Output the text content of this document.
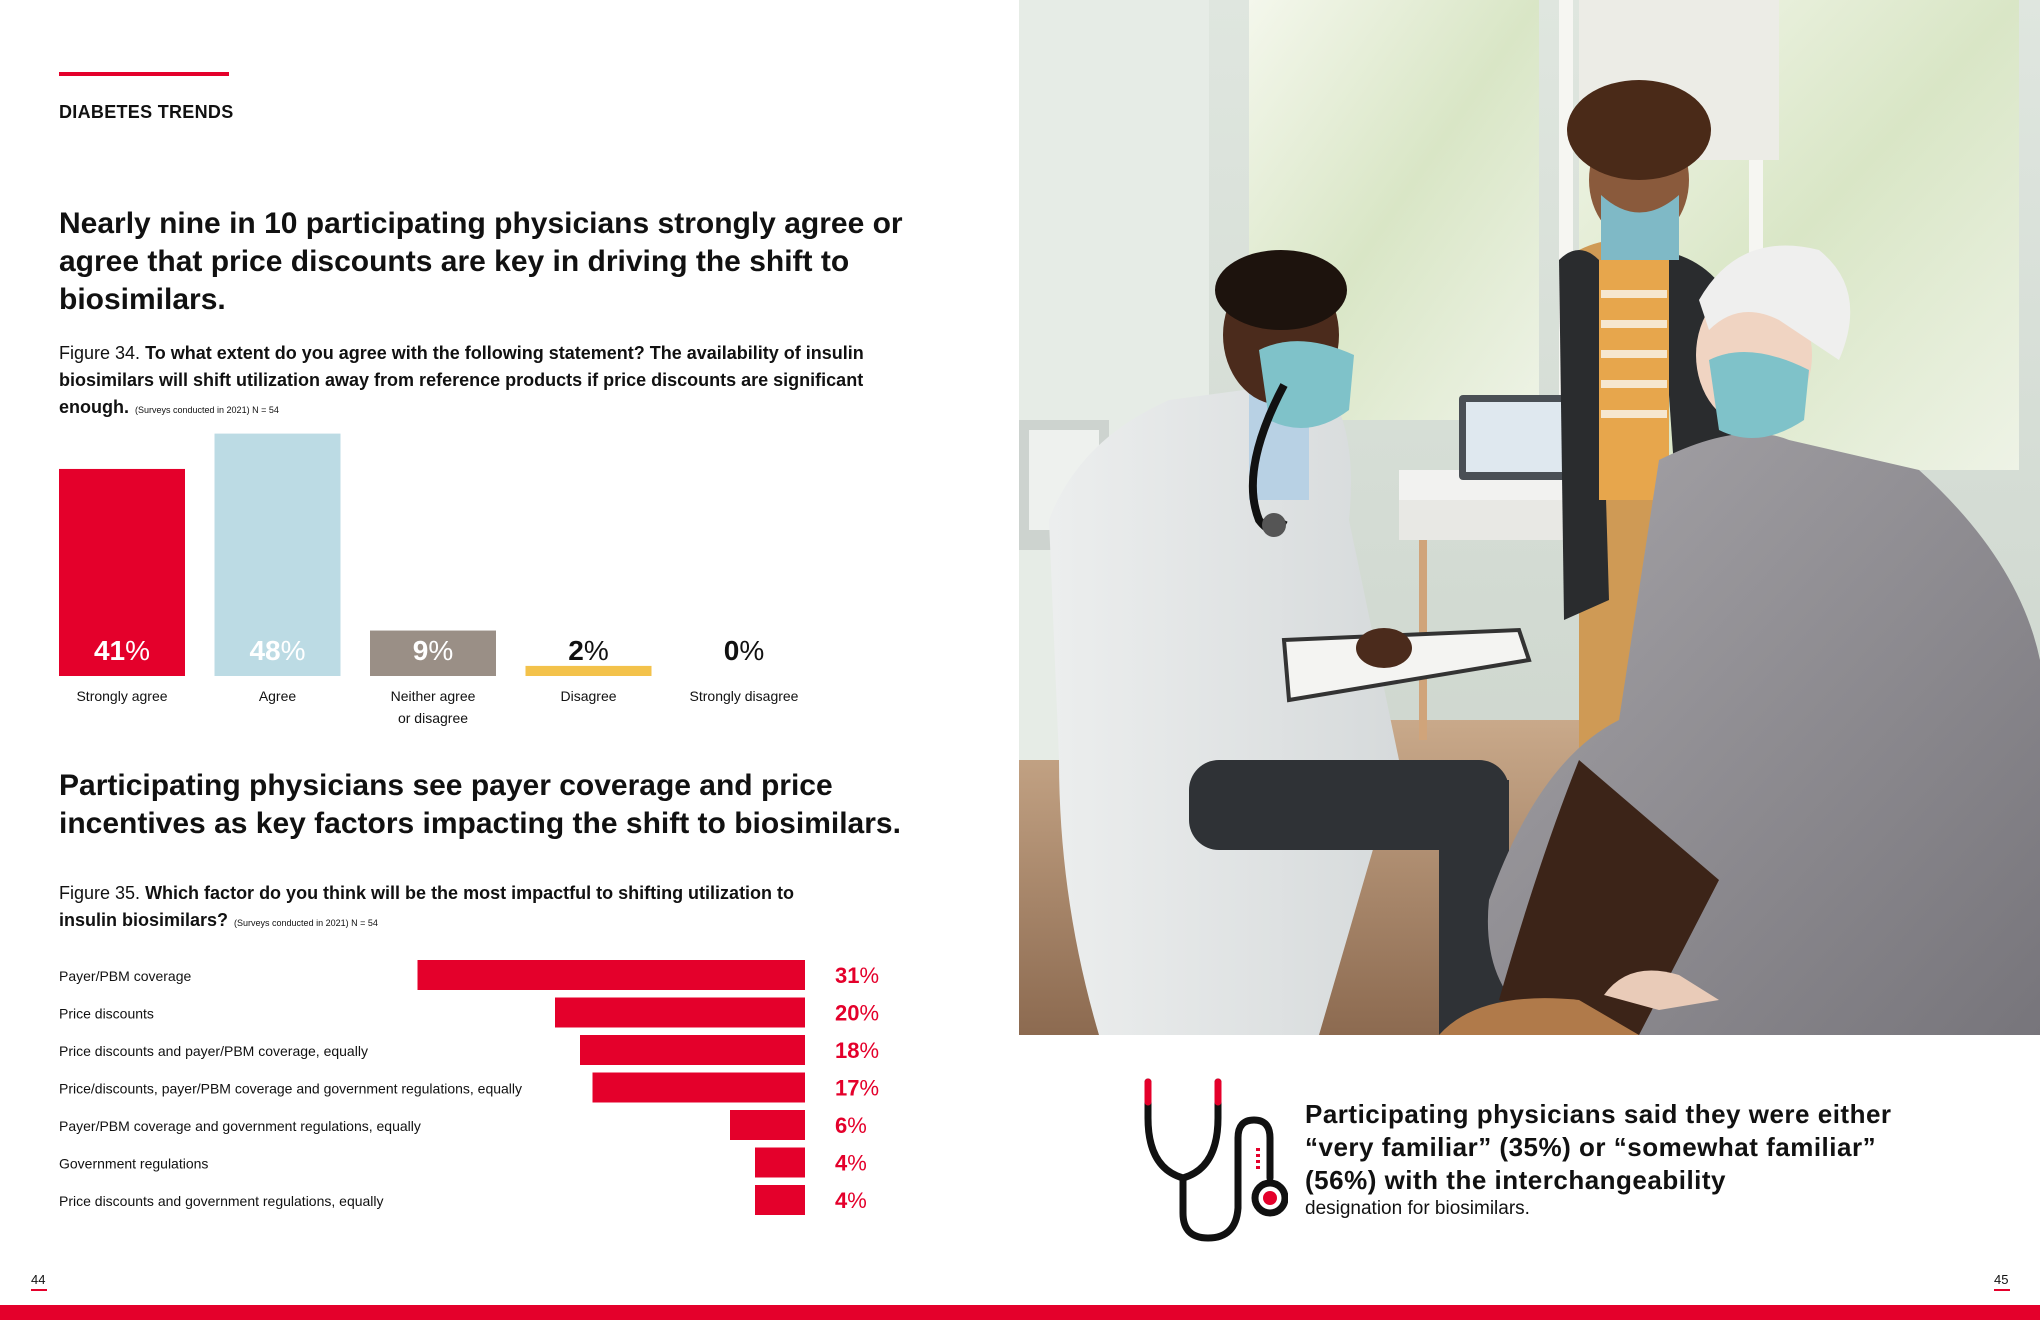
DIABETES TRENDS
Nearly nine in 10 participating physicians strongly agree or agree that price discounts are key in driving the shift to biosimilars.
Figure 34. To what extent do you agree with the following statement? The availability of insulin biosimilars will shift utilization away from reference products if price discounts are significant enough. (Surveys conducted in 2021) N = 54
41%
Strongly agree
48%
Agree
9%
Neither agree
or disagree
2%
Disagree
0%
Strongly disagree
Participating physicians see payer coverage and price incentives as key factors impacting the shift to biosimilars.
Figure 35. Which factor do you think will be the most impactful to shifting utilization to insulin biosimilars? (Surveys conducted in 2021) N = 54
Payer/PBM coverage	31%
Price discounts	20%
Price discounts and payer/PBM coverage, equally	18%
Price/discounts, payer/PBM coverage and government regulations, equally	17%
Payer/PBM coverage and government regulations, equally	6%
Government regulations	4%
Price discounts and government regulations, equally	4%
Participating physicians said they were either “very familiar” (35%) or “somewhat familiar” (56%) with the interchangeability
designation for biosimilars.
44	45
